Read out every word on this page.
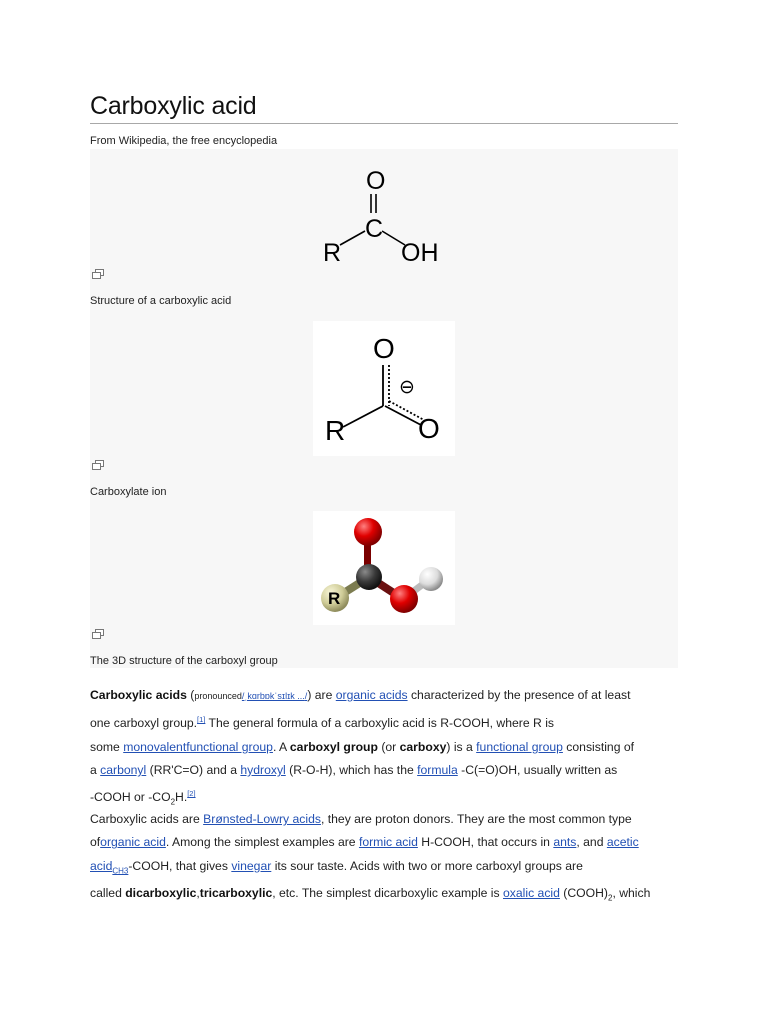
Carboxylic acid
From Wikipedia, the free encyclopedia
O
C
R OH
Structure of a carboxylic acid
O
⊖
R	O
Carboxylate ion
R
The 3D structure of the carboxyl group
Carboxylic acids (pronounced/ˌkɑrbɒkˈsɪlɪk .../) are organic acids characterized by the presence of at least
one carboxyl group.[1] The general formula of a carboxylic acid is R-COOH, where R is
some monovalentfunctional group. A carboxyl group (or carboxy) is a functional group consisting of
a carbonyl (RR'C=O) and a hydroxyl (R-O-H), which has the formula -C(=O)OH, usually written as
-COOH or $-CO_2H.[2]$
Carboxylic acids are Brønsted-Lowry acids, they are proton donors. They are the most common type
oforganic acid. Among the simplest examples are formic acid H-COOH, that occurs in ants, and acetic
acid$_{CH3}$-COOH, that gives vinegar its sour taste. Acids with two or more carboxyl groups are
called dicarboxylic,tricarboxylic, etc. The simplest dicarboxylic example is oxalic acid $(COOH)_2$, which
